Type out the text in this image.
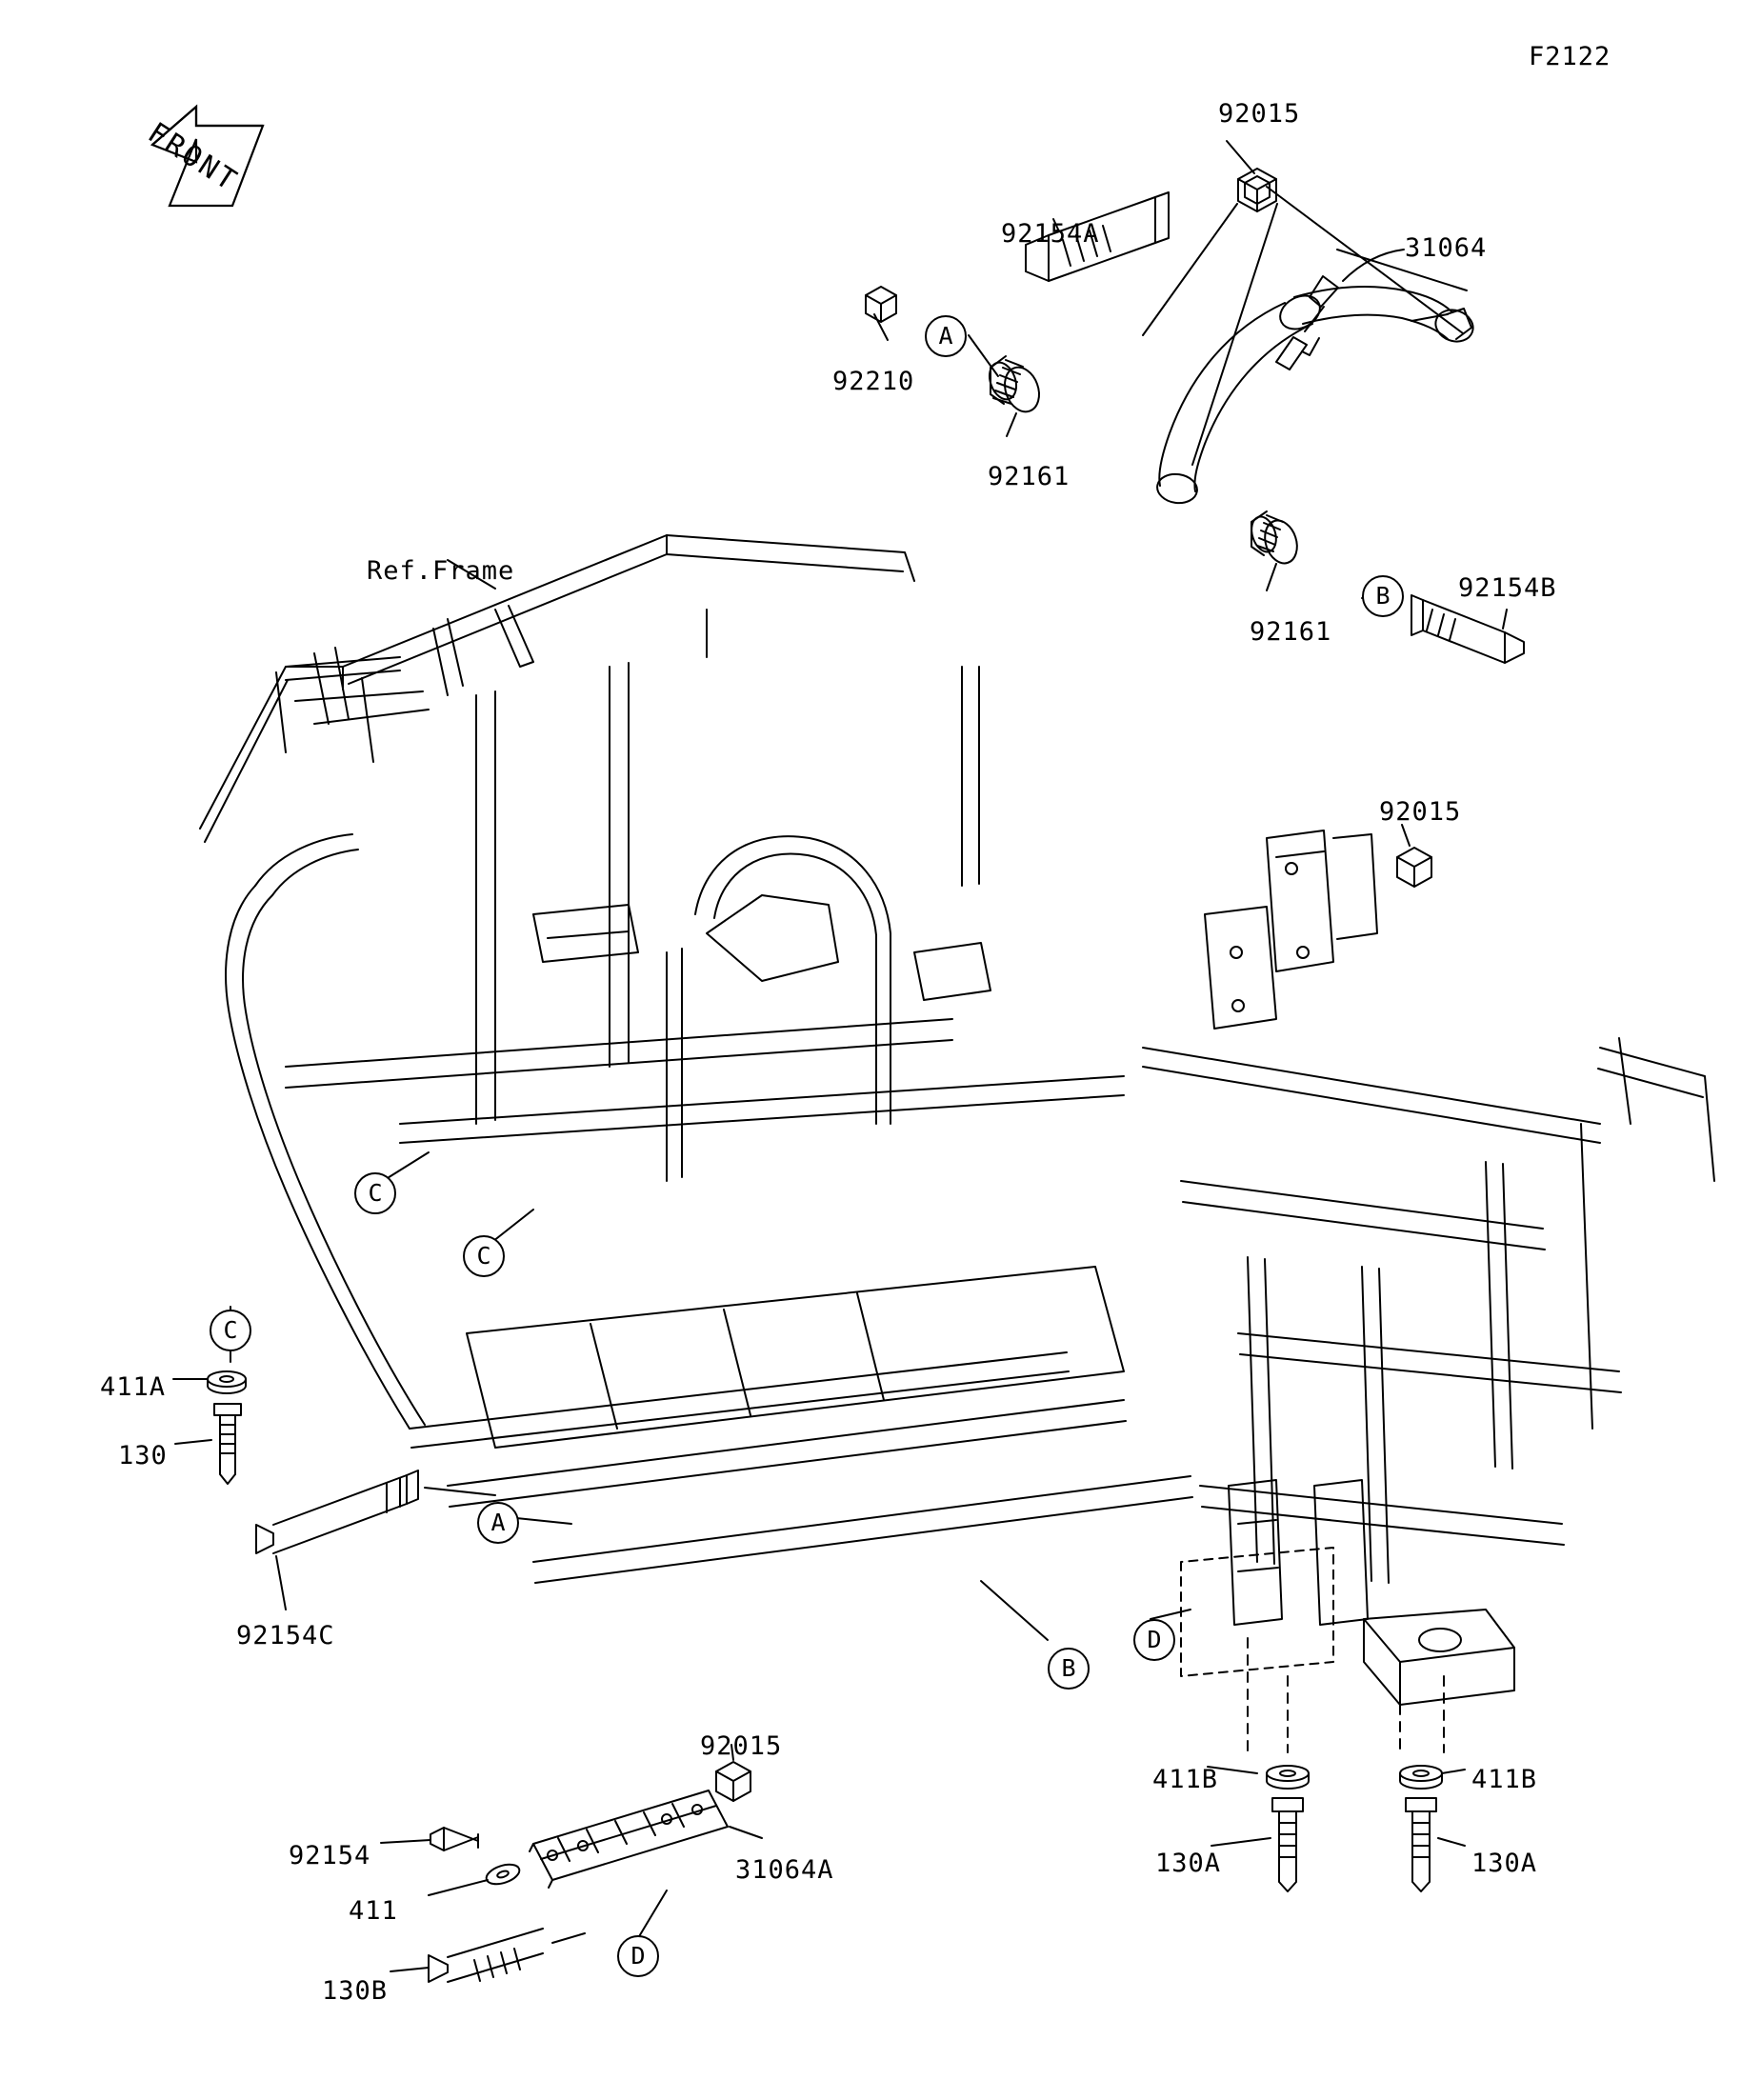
F2122
FRONT
92015
92154A	31064
92210
92161
92161
92154B
92015
Ref.Frame
411A
130
92154C
411B	411B
130A	130A
92015
92154
411
31064A
130B
A
B
C
C
C
A
B
D
D
